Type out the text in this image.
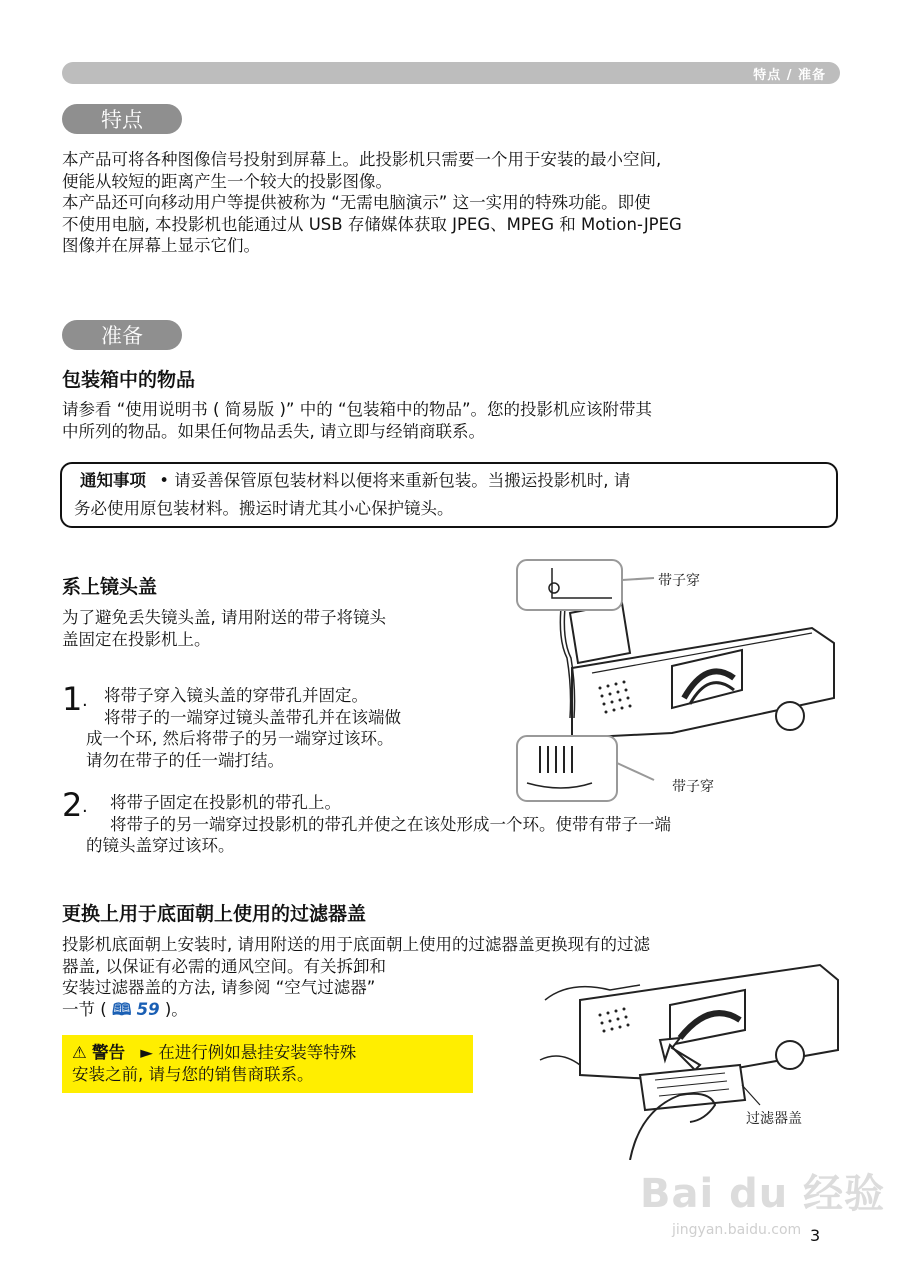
特点 / 准备
特点
本产品可将各种图像信号投射到屏幕上。此投影机只需要一个用于安装的最小空间,
便能从较短的距离产生一个较大的投影图像。
本产品还可向移动用户等提供被称为 “无需电脑演示” 这一实用的特殊功能。即使
不使用电脑, 本投影机也能通过从 USB 存储媒体获取 JPEG、MPEG 和 Motion-JPEG
图像并在屏幕上显示它们。
准备
包装箱中的物品
请参看 “使用说明书 ( 简易版 )” 中的 “包装箱中的物品”。您的投影机应该附带其
中所列的物品。如果任何物品丢失, 请立即与经销商联系。
通知事项 • 请妥善保管原包装材料以便将来重新包装。当搬运投影机时, 请
务必使用原包装材料。搬运时请尤其小心保护镜头。
系上镜头盖
为了避免丢失镜头盖, 请用附送的带子将镜头
盖固定在投影机上。
1 . 将带子穿入镜头盖的穿带孔并固定。
将带子的一端穿过镜头盖带孔并在该端做
成一个环, 然后将带子的另一端穿过该环。
请勿在带子的任一端打结。
2 .	将带子固定在投影机的带孔上。
将带子的另一端穿过投影机的带孔并使之在该处形成一个环。使带有带子一端
的镜头盖穿过该环。
带子穿
带子穿
更换上用于底面朝上使用的过滤器盖
投影机底面朝上安装时, 请用附送的用于底面朝上使用的过滤器盖更换现有的过滤
器盖, 以保证有必需的通风空间。有关拆卸和
安装过滤器盖的方法, 请参阅 “空气过滤器”
一节 ( 🕮 59 )。
⚠ 警告 ► 在进行例如悬挂安装等特殊
安装之前, 请与您的销售商联系。
过滤器盖
Bai du 经验
jingyan.baidu.com 3
